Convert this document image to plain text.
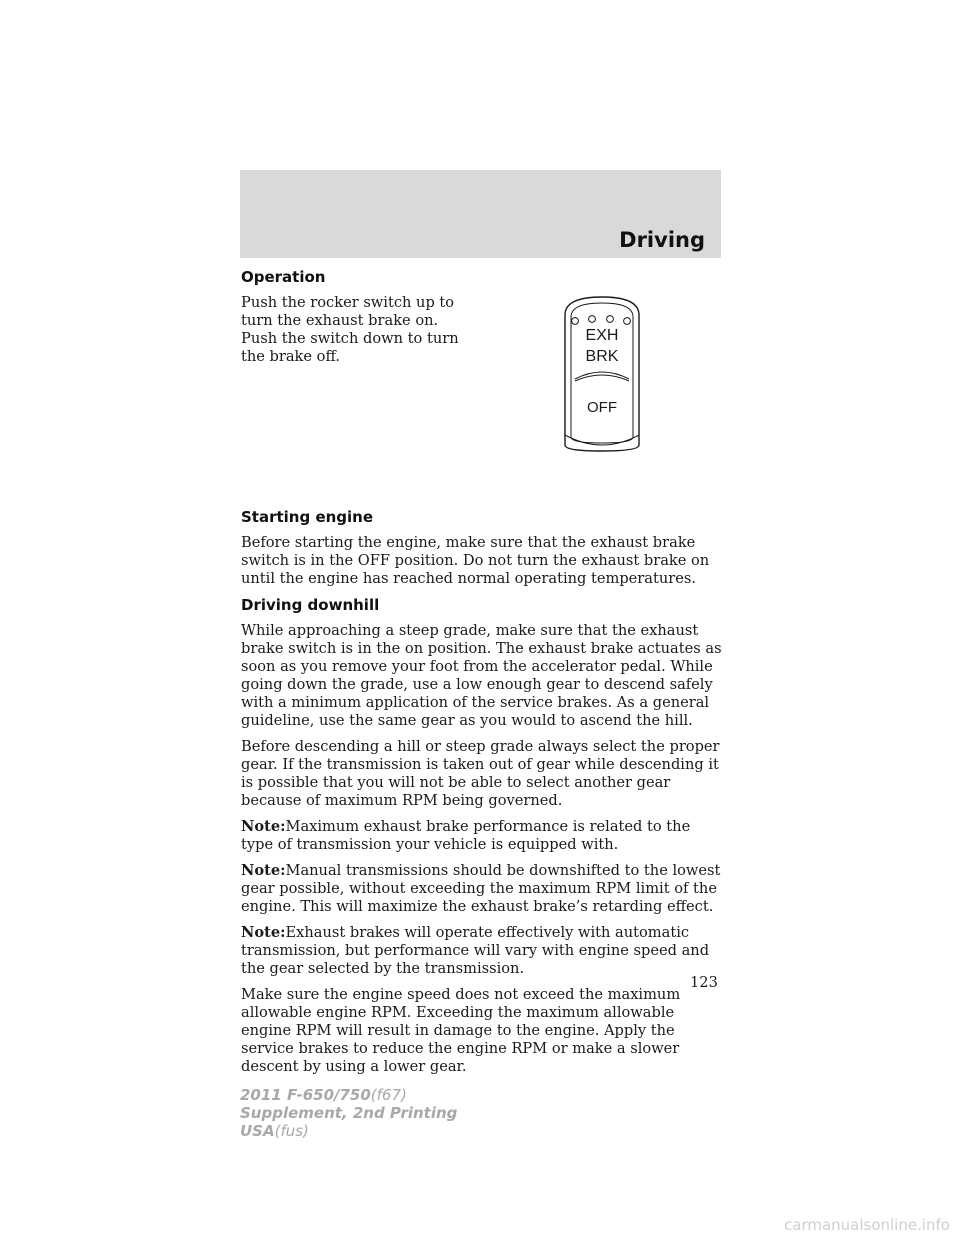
Driving
Operation

Push the rocker switch up to turn the exhaust brake on. Push the switch down to turn the brake off.

EXH
BRK
OFF
Starting engine

Before starting the engine, make sure that the exhaust brake switch is in the OFF position. Do not turn the exhaust brake on until the engine has reached normal operating temperatures.

Driving downhill

While approaching a steep grade, make sure that the exhaust brake switch is in the on position. The exhaust brake actuates as soon as you remove your foot from the accelerator pedal. While going down the grade, use a low enough gear to descend safely with a minimum application of the service brakes. As a general guideline, use the same gear as you would to ascend the hill.

Before descending a hill or steep grade always select the proper gear. If the transmission is taken out of gear while descending it is possible that you will not be able to select another gear because of maximum RPM being governed.

Note:Maximum exhaust brake performance is related to the type of transmission your vehicle is equipped with.

Note:Manual transmissions should be downshifted to the lowest gear possible, without exceeding the maximum RPM limit of the engine. This will maximize the exhaust brake’s retarding effect.

Note:Exhaust brakes will operate effectively with automatic transmission, but performance will vary with engine speed and the gear selected by the transmission.

Make sure the engine speed does not exceed the maximum allowable engine RPM. Exceeding the maximum allowable engine RPM will result in damage to the engine. Apply the service brakes to reduce the engine RPM or make a slower descent by using a lower gear.

123

2011 F-650/750(f67)
Supplement, 2nd Printing
USA(fus)

carmanualsonline.info
